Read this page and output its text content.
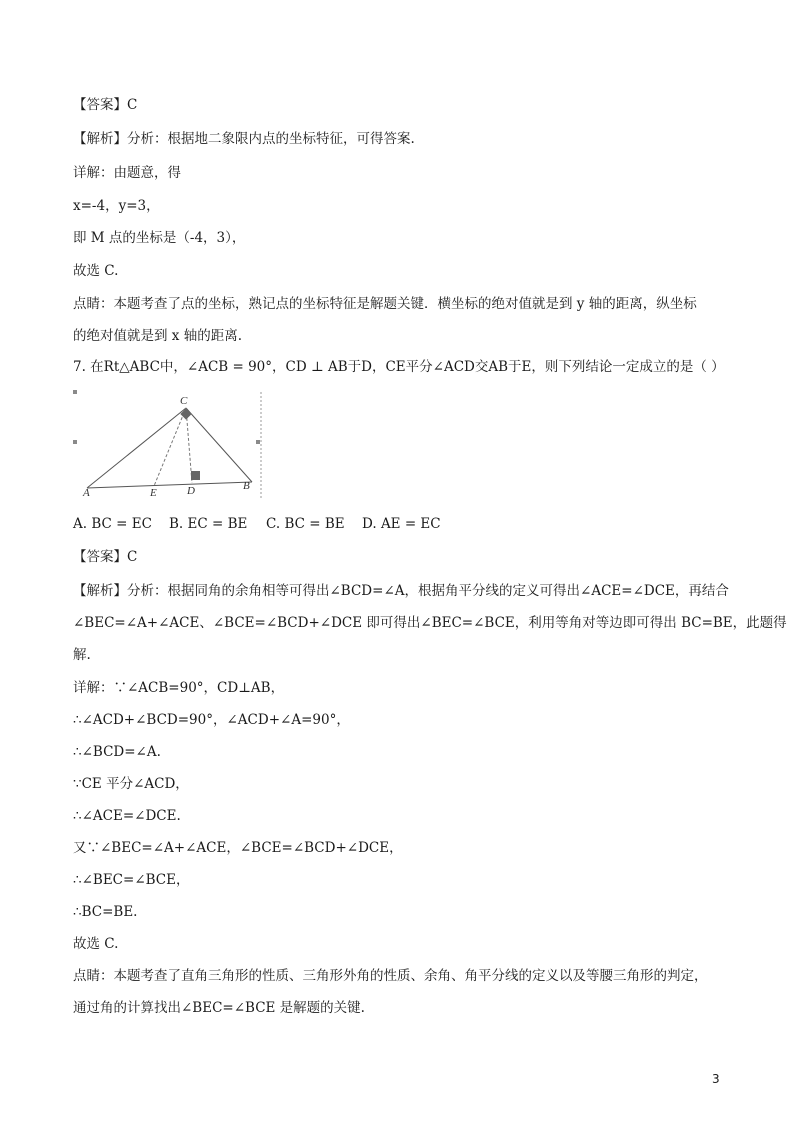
【答案】C
【解析】分析：根据地二象限内点的坐标特征，可得答案.
详解：由题意，得
x=-4，y=3，
即 M 点的坐标是（-4，3），
故选 C.
点睛：本题考查了点的坐标，熟记点的坐标特征是解题关键．横坐标的绝对值就是到 y 轴的距离，纵坐标
的绝对值就是到 x 轴的距离.
7. 在Rt△ABC中，∠ACB = 90°，CD ⊥ AB于D，CE平分∠ACD交AB于E，则下列结论一定成立的是（ ）
C
A	E	D	B
A. BC = EC B. EC = BE C. BC = BE D. AE = EC
【答案】C
【解析】分析：根据同角的余角相等可得出∠BCD=∠A，根据角平分线的定义可得出∠ACE=∠DCE，再结合
∠BEC=∠A+∠ACE、∠BCE=∠BCD+∠DCE 即可得出∠BEC=∠BCE，利用等角对等边即可得出 BC=BE，此题得
解.
详解：∵∠ACB=90°，CD⊥AB，
∴∠ACD+∠BCD=90°，∠ACD+∠A=90°，
∴∠BCD=∠A.
∵CE 平分∠ACD，
∴∠ACE=∠DCE.
又∵∠BEC=∠A+∠ACE，∠BCE=∠BCD+∠DCE，
∴∠BEC=∠BCE，
∴BC=BE.
故选 C.
点睛：本题考查了直角三角形的性质、三角形外角的性质、余角、角平分线的定义以及等腰三角形的判定，
通过角的计算找出∠BEC=∠BCE 是解题的关键.
3
